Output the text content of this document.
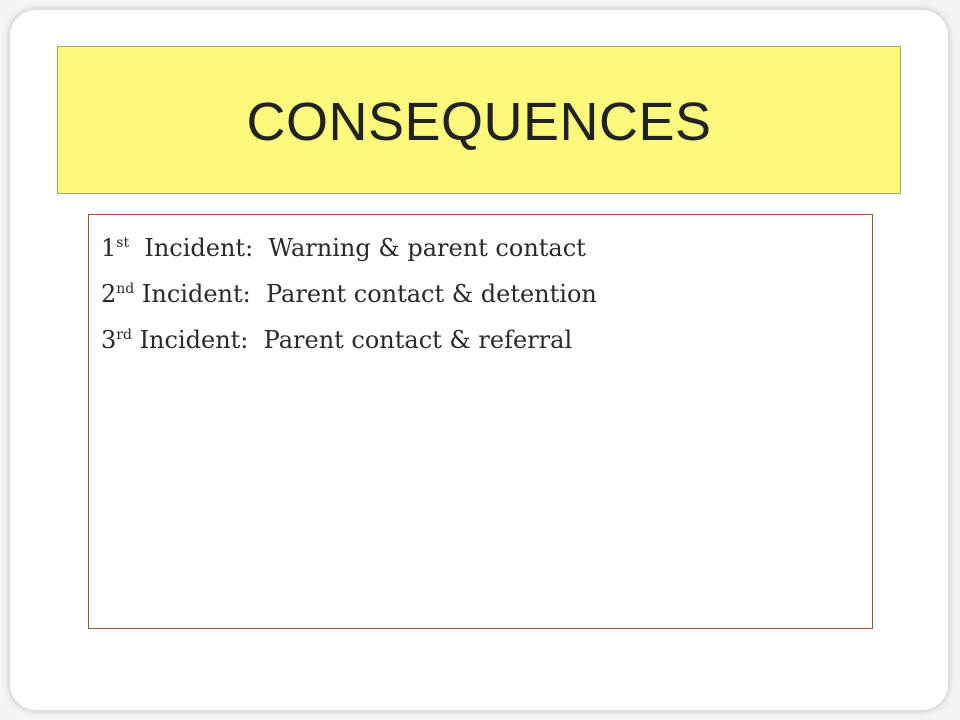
CONSEQUENCES
1st  Incident:  Warning & parent contact
2nd Incident:  Parent contact & detention
3rd Incident:  Parent contact & referral
